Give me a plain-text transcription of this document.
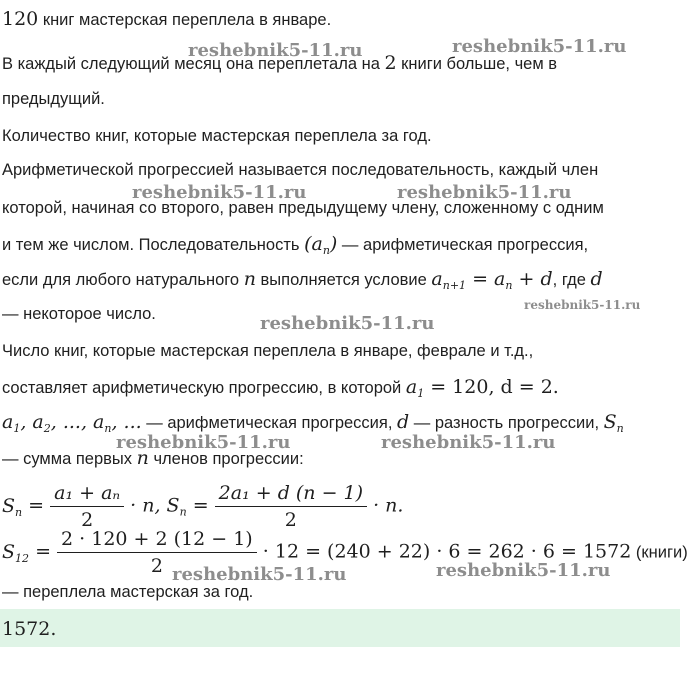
120 книг мастерская переплела в январе.
В каждый следующий месяц она переплетала на 2 книги больше, чем в
предыдущий.
Количество книг, которые мастерская переплела за год.
Арифметической прогрессией называется последовательность, каждый член
которой, начиная со второго, равен предыдущему члену, сложенному с одним
и тем же числом. Последовательность $(a_n)$ — арифметическая прогрессия,
если для любого натурального n выполняется условие $a_{n+1} = a_n + d$, где d
— некоторое число.
Число книг, которые мастерская переплела в январе, феврале и т.д.,
составляет арифметическую прогрессию, в которой $a_1 = 120$, d = 2.
$a_1$, $a_2$, ..., $a_n$, ... — арифметическая прогрессия, d — разность прогрессии, $S_n$
— сумма первых n членов прогрессии:
$S_n = \frac{\text{a₁ + aₙ}}{2} \cdot n$, $S_n = \frac{\text{2a₁ + d (n − 1)}}{2} \cdot n$.
$S_{12} = \frac{2 \cdot 120 + 2 (12 - 1)}{2} \cdot 12 = (240 + 22) \cdot 6 = 262 \cdot 6 = 1572$ (книги)
— переплела мастерская за год.
1572.
reshebnik5-11.ru	reshebnik5-11.ru
reshebnik5-11.ru	reshebnik5-11.ru
reshebnik5-11.ru
reshebnik5-11.ru
reshebnik5-11.ru	reshebnik5-11.ru
reshebnik5-11.ru	reshebnik5-11.ru
